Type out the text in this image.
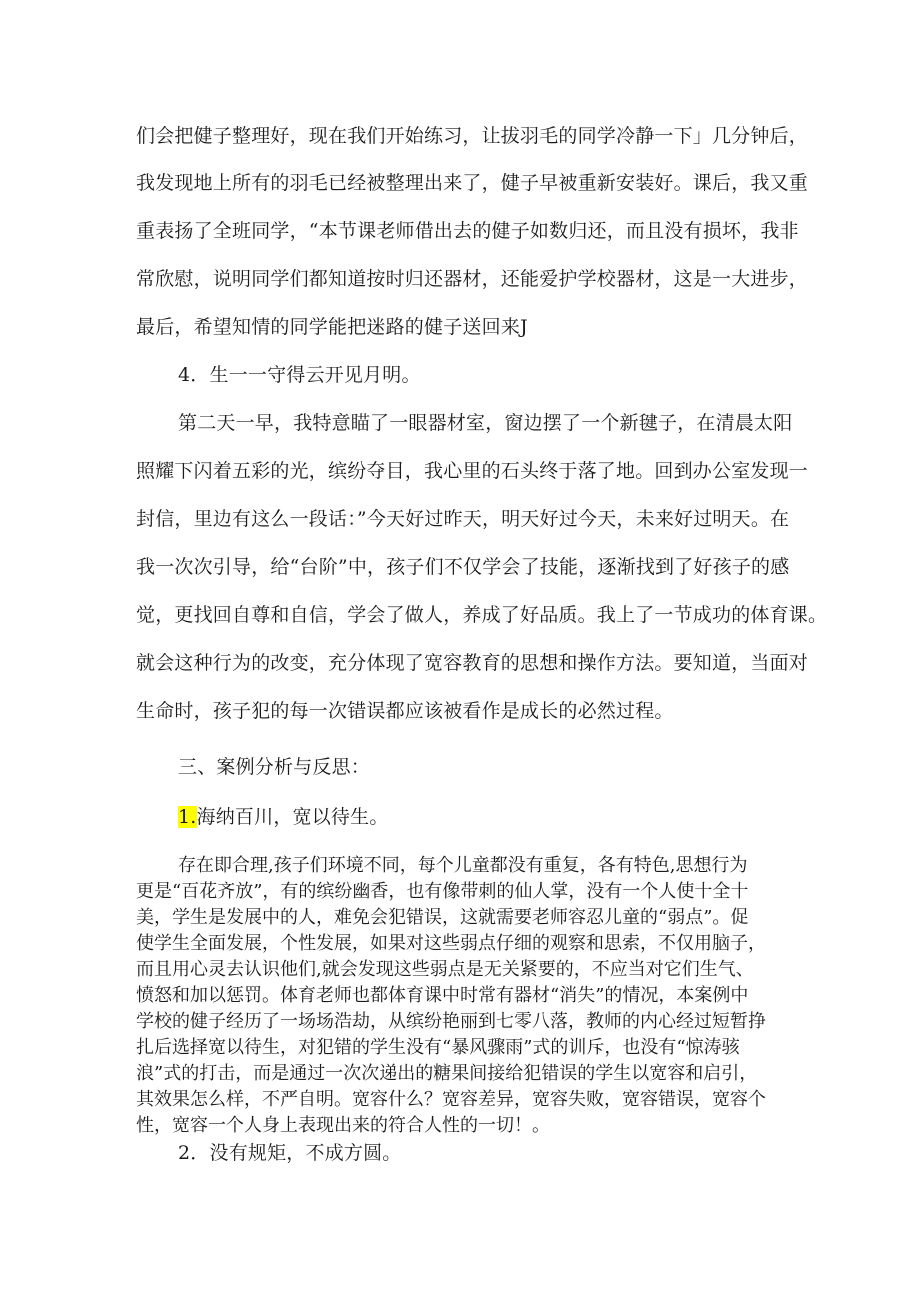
们会把健子整理好，现在我们开始练习，让拔羽毛的同学冷静一下」几分钟后，
我发现地上所有的羽毛已经被整理出来了，健子早被重新安装好。课后，我又重
重表扬了全班同学，“本节课老师借出去的健子如数归还，而且没有损坏，我非
常欣慰，说明同学们都知道按时归还器材，还能爱护学校器材，这是一大进步，
最后，希望知情的同学能把迷路的健子送回来J
4．生一一守得云开见月明。
第二天一早，我特意瞄了一眼器材室，窗边摆了一个新毽子，在清晨太阳
照耀下闪着五彩的光，缤纷夺目，我心里的石头终于落了地。回到办公室发现一
封信，里边有这么一段话：”今天好过昨天，明天好过今天，未来好过明天。在
我一次次引导，给“台阶”中，孩子们不仅学会了技能，逐渐找到了好孩子的感
觉，更找回自尊和自信，学会了做人，养成了好品质。我上了一节成功的体育课。
就会这种行为的改变，充分体现了宽容教育的思想和操作方法。要知道，当面对
生命时，孩子犯的每一次错误都应该被看作是成长的必然过程。
三、案例分析与反思：
1.海纳百川，宽以待生。
存在即合理,孩子们环境不同，每个儿童都没有重复，各有特色,思想行为
更是“百花齐放”，有的缤纷幽香，也有像带刺的仙人掌，没有一个人使十全十
美，学生是发展中的人，难免会犯错误，这就需要老师容忍儿童的“弱点”。促
使学生全面发展，个性发展，如果对这些弱点仔细的观察和思索，不仅用脑子，
而且用心灵去认识他们,就会发现这些弱点是无关紧要的，不应当对它们生气、
愤怒和加以惩罚。体育老师也都体育课中时常有器材“消失”的情况，本案例中
学校的健子经历了一场场浩劫，从缤纷艳丽到七零八落，教师的内心经过短暂挣
扎后选择宽以待生，对犯错的学生没有“暴风骤雨”式的训斥，也没有“惊涛骇
浪”式的打击，而是通过一次次递出的糖果间接给犯错误的学生以宽容和启引，
其效果怎么样，不严自明。宽容什么？宽容差异，宽容失败，宽容错误，宽容个
性，宽容一个人身上表现出来的符合人性的一切！。
2．没有规矩，不成方圆。
